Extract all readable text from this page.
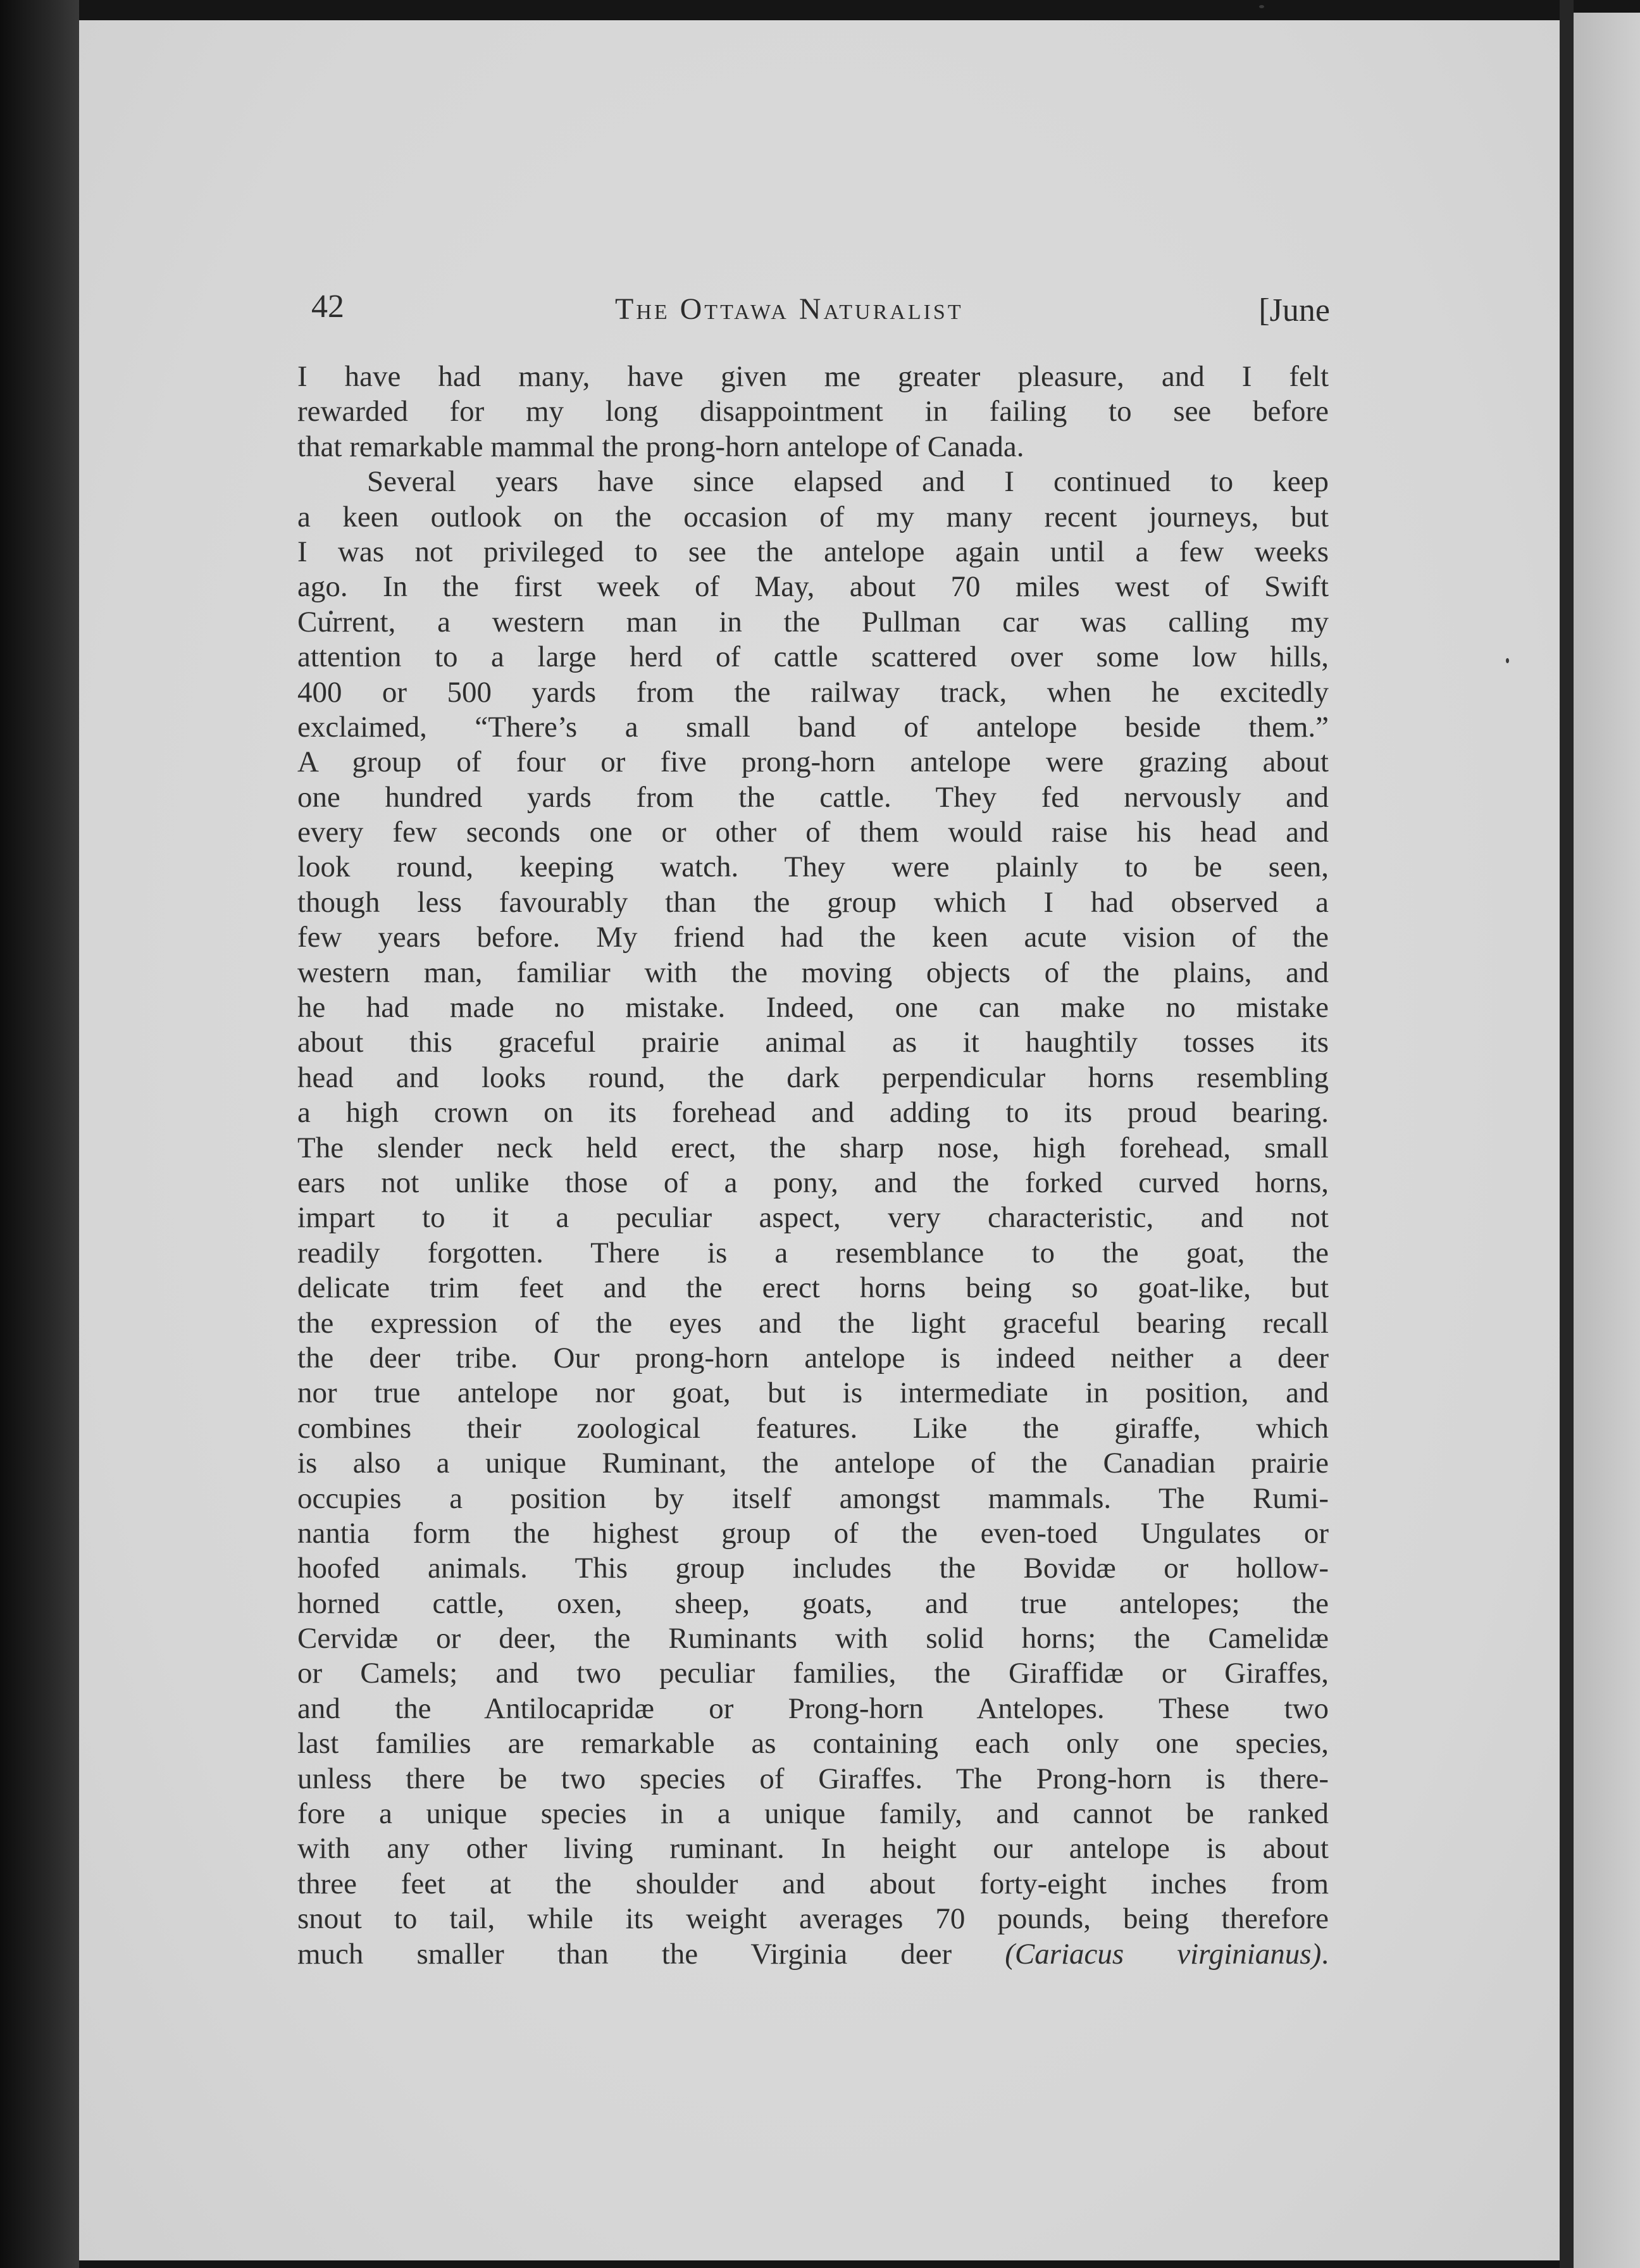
42	The Ottawa Naturalist	[June
I have had many, have given me greater pleasure, and I felt
rewarded for my long disappointment in failing to see before
that remarkable mammal the prong-horn antelope of Canada.
Several years have since elapsed and I continued to keep
a keen outlook on the occasion of my many recent journeys, but
I was not privileged to see the antelope again until a few weeks
ago. In the first week of May, about 70 miles west of Swift
Current, a western man in the Pullman car was calling my
attention to a large herd of cattle scattered over some low hills,
400 or 500 yards from the railway track, when he excitedly
exclaimed, “There’s a small band of antelope beside them.”
A group of four or five prong-horn antelope were grazing about
one hundred yards from the cattle. They fed nervously and
every few seconds one or other of them would raise his head and
look round, keeping watch. They were plainly to be seen,
though less favourably than the group which I had observed a
few years before. My friend had the keen acute vision of the
western man, familiar with the moving objects of the plains, and
he had made no mistake. Indeed, one can make no mistake
about this graceful prairie animal as it haughtily tosses its
head and looks round, the dark perpendicular horns resembling
a high crown on its forehead and adding to its proud bearing.
The slender neck held erect, the sharp nose, high forehead, small
ears not unlike those of a pony, and the forked curved horns,
impart to it a peculiar aspect, very characteristic, and not
readily forgotten. There is a resemblance to the goat, the
delicate trim feet and the erect horns being so goat-like, but
the expression of the eyes and the light graceful bearing recall
the deer tribe. Our prong-horn antelope is indeed neither a deer
nor true antelope nor goat, but is intermediate in position, and
combines their zoological features. Like the giraffe, which
is also a unique Ruminant, the antelope of the Canadian prairie
occupies a position by itself amongst mammals. The Rumi-
nantia form the highest group of the even-toed Ungulates or
hoofed animals. This group includes the Bovidæ or hollow-
horned cattle, oxen, sheep, goats, and true antelopes; the
Cervidæ or deer, the Ruminants with solid horns; the Camelidæ
or Camels; and two peculiar families, the Giraffidæ or Giraffes,
and the Antilocapridæ or Prong-horn Antelopes. These two
last families are remarkable as containing each only one species,
unless there be two species of Giraffes. The Prong-horn is there-
fore a unique species in a unique family, and cannot be ranked
with any other living ruminant. In height our antelope is about
three feet at the shoulder and about forty-eight inches from
snout to tail, while its weight averages 70 pounds, being therefore
much smaller than the Virginia deer (Cariacus virginianus).
